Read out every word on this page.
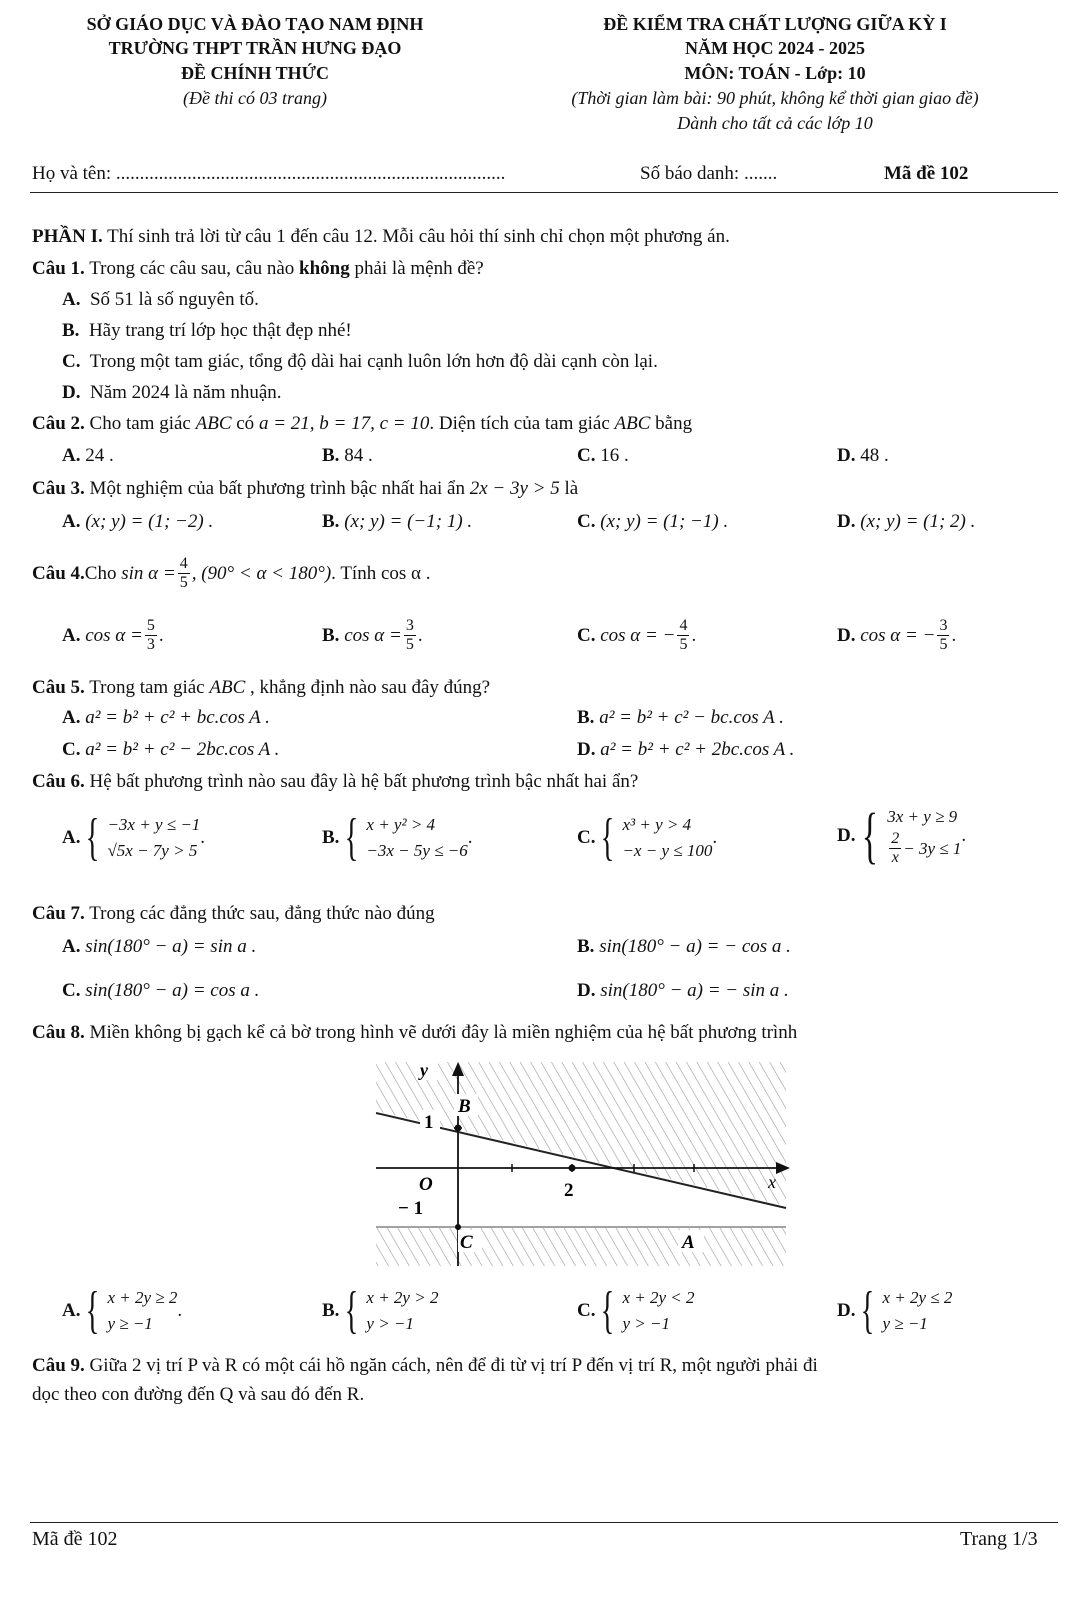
SỞ GIÁO DỤC VÀ ĐÀO TẠO NAM ĐỊNH
TRƯỜNG THPT TRẦN HƯNG ĐẠO
ĐỀ CHÍNH THỨC
(Đề thi có 03 trang)
ĐỀ KIỂM TRA CHẤT LƯỢNG GIỮA KỲ I
NĂM HỌC 2024 - 2025
MÔN: TOÁN - Lớp: 10
(Thời gian làm bài: 90 phút, không kể thời gian giao đề)
Dành cho tất cả các lớp 10
Họ và tên: ..................................................................................	Số báo danh: .......	Mã đề 102
PHẦN I. Thí sinh trả lời từ câu 1 đến câu 12. Mỗi câu hỏi thí sinh chỉ chọn một phương án.
Câu 1. Trong các câu sau, câu nào không phải là mệnh đề?
A. Số 51 là số nguyên tố.
B. Hãy trang trí lớp học thật đẹp nhé!
C. Trong một tam giác, tổng độ dài hai cạnh luôn lớn hơn độ dài cạnh còn lại.
D. Năm 2024 là năm nhuận.
Câu 2. Cho tam giác ABC có a = 21, b = 17, c = 10. Diện tích của tam giác ABC bằng
A. 24 .	B. 84 .	C. 16 .	D. 48 .
Câu 3. Một nghiệm của bất phương trình bậc nhất hai ẩn 2x − 3y > 5 là
A. (x; y) = (1; −2) .	B. (x; y) = (−1; 1) .	C. (x; y) = (1; −1) .	D. (x; y) = (1; 2) .
Câu 4. Cho
$\sin \alpha = \frac{4}{5}$ , (90° < α < 180°) . Tính cos α .
A.
$\cos \alpha = \frac{5}{3}$ .	B.
$\cos \alpha = \frac{3}{5}$ .	C.
cos α = − $\frac{4}{5}$ .	D.
cos α = − $\frac{3}{5}$ .
Câu 5. Trong tam giác ABC , khẳng định nào sau đây đúng?
A. a² = b² + c² + bc.cos A .	B. a² = b² + c² − bc.cos A .
C. a² = b² + c² − 2bc.cos A .	D. a² = b² + c² + 2bc.cos A .
Câu 6. Hệ bất phương trình nào sau đây là hệ bất phương trình bậc nhất hai ẩn?
A. { −3x + y ≤ −1
√5x − 7y > 5
.	B. { x + y² > 4
−3x − 5y ≤ −6
.	C. { x³ + y > 4
−x − y ≤ 100
.	D. { 3x + y ≥ 9
$\frac{2}{x} - 3y \le 1$
.
Câu 7. Trong các đẳng thức sau, đẳng thức nào đúng
A. sin(180° − a) = sin a .	B. sin(180° − a) = − cos a .
C. sin(180° − a) = cos a .	D. sin(180° − a) = − sin a .
Câu 8. Miền không bị gạch kể cả bờ trong hình vẽ dưới đây là miền nghiệm của hệ bất phương trình
y
B
1
O
− 1
2	x
C	A
A. { x + 2y ≥ 2
y ≥ −1
.	B. { x + 2y > 2
y > −1
C. { x + 2y < 2
y > −1
D. { x + 2y ≤ 2
y ≥ −1
Câu 9. Giữa 2 vị trí P và R có một cái hồ ngăn cách, nên để đi từ vị trí P đến vị trí R, một người phải đi
dọc theo con đường đến Q và sau đó đến R.
Mã đề 102	Trang 1/3
